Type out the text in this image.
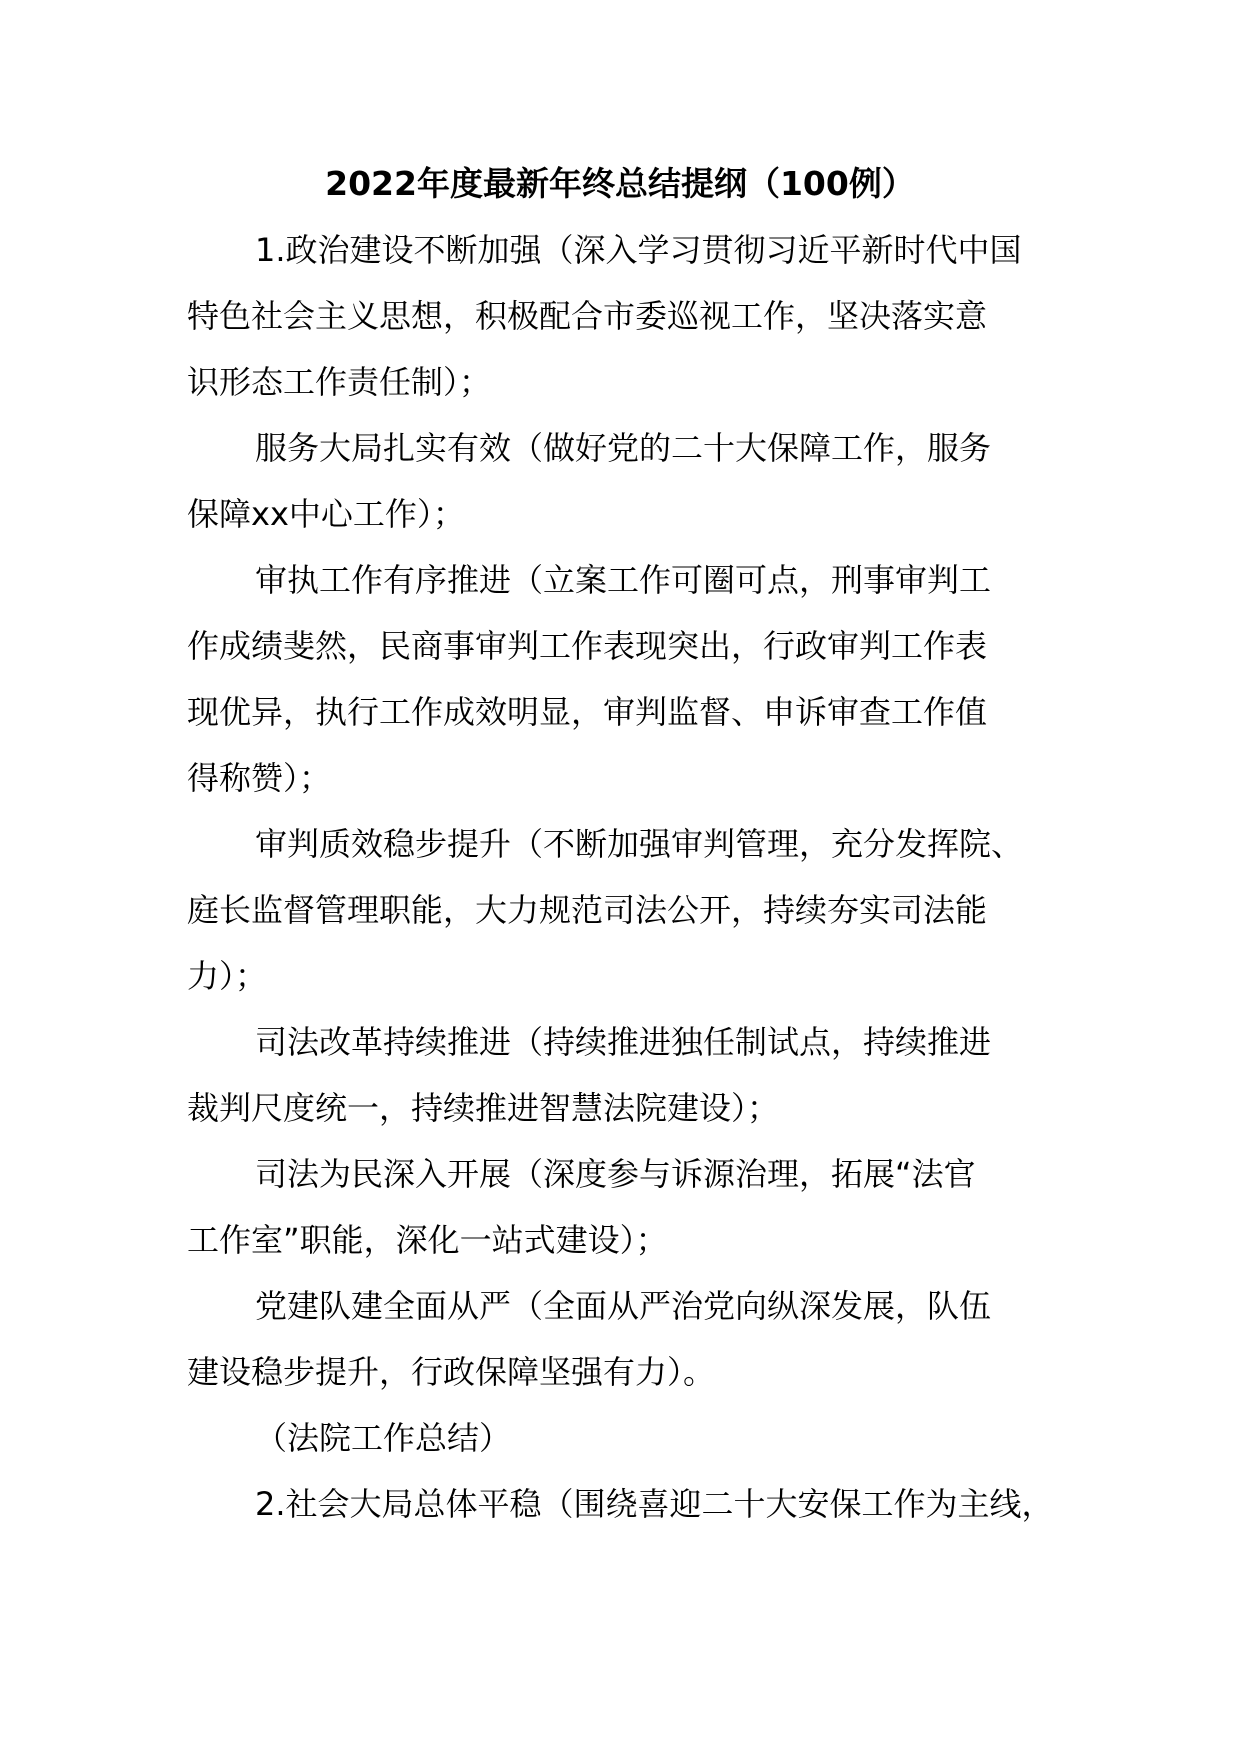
2022年度最新年终总结提纲（100例）
1.政治建设不断加强（深入学习贯彻习近平新时代中国
特色社会主义思想，积极配合市委巡视工作，坚决落实意
识形态工作责任制）；
服务大局扎实有效（做好党的二十大保障工作，服务
保障xx中心工作）；
审执工作有序推进（立案工作可圈可点，刑事审判工
作成绩斐然，民商事审判工作表现突出，行政审判工作表
现优异，执行工作成效明显，审判监督、申诉审查工作值
得称赞）；
审判质效稳步提升（不断加强审判管理，充分发挥院、
庭长监督管理职能，大力规范司法公开，持续夯实司法能
力）；
司法改革持续推进（持续推进独任制试点，持续推进
裁判尺度统一，持续推进智慧法院建设）；
司法为民深入开展（深度参与诉源治理，拓展“法官
工作室”职能，深化一站式建设）；
党建队建全面从严（全面从严治党向纵深发展，队伍
建设稳步提升，行政保障坚强有力）。
（法院工作总结）
2.社会大局总体平稳（围绕喜迎二十大安保工作为主线，
